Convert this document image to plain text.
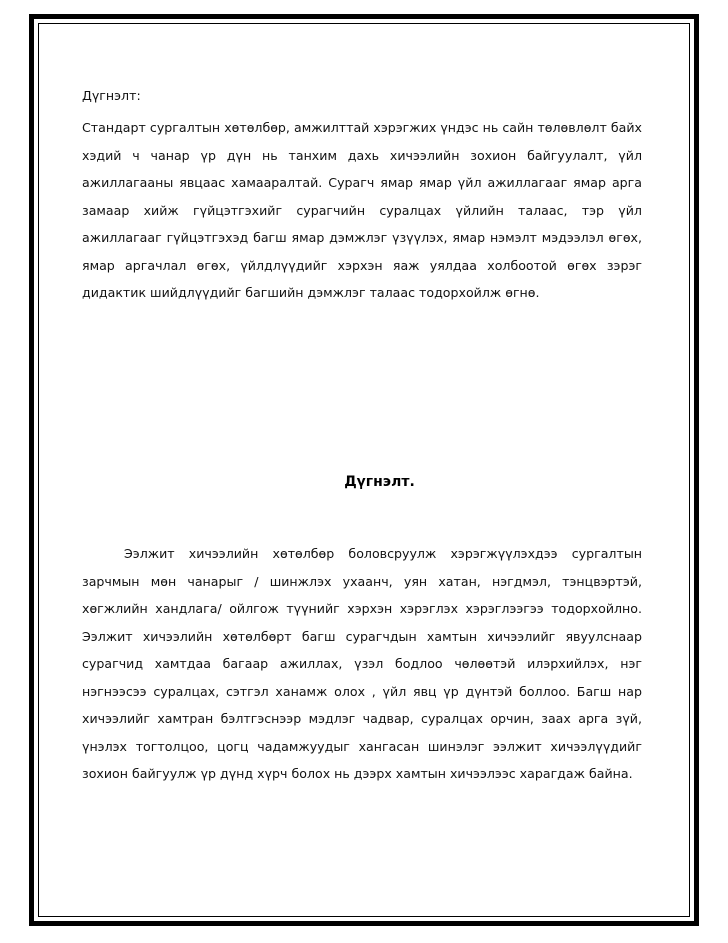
Дүгнэлт:
Стандарт сургалтын хөтөлбөр, амжилттай хэрэгжих үндэс нь сайн төлөвлөлт байх хэдий ч чанар үр дүн нь танхим дахь хичээлийн зохион байгуулалт, үйл ажиллагааны явцаас хамааралтай. Сурагч ямар ямар үйл ажиллагааг ямар арга замаар хийж гүйцэтгэхийг сурагчийн суралцах үйлийн талаас, тэр үйл ажиллагааг гүйцэтгэхэд багш ямар дэмжлэг үзүүлэх, ямар нэмэлт мэдээлэл өгөх, ямар аргачлал өгөх, үйлдлүүдийг хэрхэн яаж уялдаа холбоотой өгөх зэрэг дидактик шийдлүүдийг багшийн дэмжлэг талаас тодорхойлж өгнө.
Дүгнэлт.
Ээлжит хичээлийн хөтөлбөр боловсруулж хэрэгжүүлэхдээ сургалтын зарчмын мөн чанарыг / шинжлэх ухаанч, уян хатан, нэгдмэл, тэнцвэртэй, хөгжлийн хандлага/ ойлгож түүнийг хэрхэн хэрэглэх хэрэглээгээ тодорхойлно. Ээлжит хичээлийн хөтөлбөрт багш сурагчдын хамтын хичээлийг явуулснаар сурагчид хамтдаа багаар ажиллах, үзэл бодлоо чөлөөтэй илэрхийлэх, нэг нэгнээсээ суралцах, сэтгэл ханамж олох , үйл явц үр дүнтэй боллоо. Багш нар хичээлийг хамтран бэлтгэснээр мэдлэг чадвар, суралцах орчин, заах арга зүй, үнэлэх тогтолцоо, цогц чадамжуудыг хангасан шинэлэг ээлжит хичээлүүдийг зохион байгуулж үр дүнд хүрч болох нь дээрх хамтын хичээлээс харагдаж байна.
